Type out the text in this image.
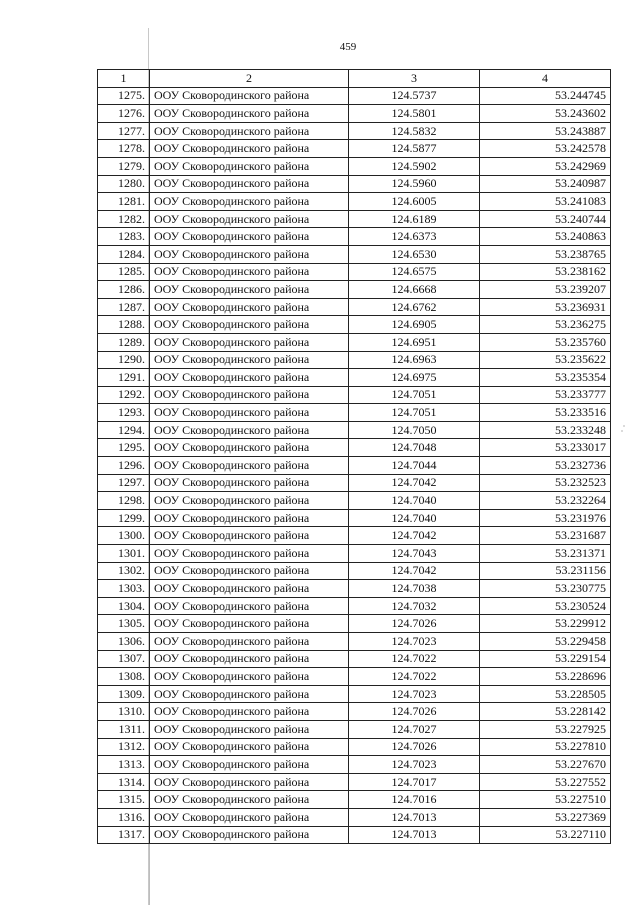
459
1	2	3	4
1275.	ООУ Сковородинского района	124.5737	53.244745
1276.	ООУ Сковородинского района	124.5801	53.243602
1277.	ООУ Сковородинского района	124.5832	53.243887
1278.	ООУ Сковородинского района	124.5877	53.242578
1279.	ООУ Сковородинского района	124.5902	53.242969
1280.	ООУ Сковородинского района	124.5960	53.240987
1281.	ООУ Сковородинского района	124.6005	53.241083
1282.	ООУ Сковородинского района	124.6189	53.240744
1283.	ООУ Сковородинского района	124.6373	53.240863
1284.	ООУ Сковородинского района	124.6530	53.238765
1285.	ООУ Сковородинского района	124.6575	53.238162
1286.	ООУ Сковородинского района	124.6668	53.239207
1287.	ООУ Сковородинского района	124.6762	53.236931
1288.	ООУ Сковородинского района	124.6905	53.236275
1289.	ООУ Сковородинского района	124.6951	53.235760
1290.	ООУ Сковородинского района	124.6963	53.235622
1291.	ООУ Сковородинского района	124.6975	53.235354
1292.	ООУ Сковородинского района	124.7051	53.233777
1293.	ООУ Сковородинского района	124.7051	53.233516
1294.	ООУ Сковородинского района	124.7050	53.233248
1295.	ООУ Сковородинского района	124.7048	53.233017
1296.	ООУ Сковородинского района	124.7044	53.232736
1297.	ООУ Сковородинского района	124.7042	53.232523
1298.	ООУ Сковородинского района	124.7040	53.232264
1299.	ООУ Сковородинского района	124.7040	53.231976
1300.	ООУ Сковородинского района	124.7042	53.231687
1301.	ООУ Сковородинского района	124.7043	53.231371
1302.	ООУ Сковородинского района	124.7042	53.231156
1303.	ООУ Сковородинского района	124.7038	53.230775
1304.	ООУ Сковородинского района	124.7032	53.230524
1305.	ООУ Сковородинского района	124.7026	53.229912
1306.	ООУ Сковородинского района	124.7023	53.229458
1307.	ООУ Сковородинского района	124.7022	53.229154
1308.	ООУ Сковородинского района	124.7022	53.228696
1309.	ООУ Сковородинского района	124.7023	53.228505
1310.	ООУ Сковородинского района	124.7026	53.228142
1311.	ООУ Сковородинского района	124.7027	53.227925
1312.	ООУ Сковородинского района	124.7026	53.227810
1313.	ООУ Сковородинского района	124.7023	53.227670
1314.	ООУ Сковородинского района	124.7017	53.227552
1315.	ООУ Сковородинского района	124.7016	53.227510
1316.	ООУ Сковородинского района	124.7013	53.227369
1317.	ООУ Сковородинского района	124.7013	53.227110
